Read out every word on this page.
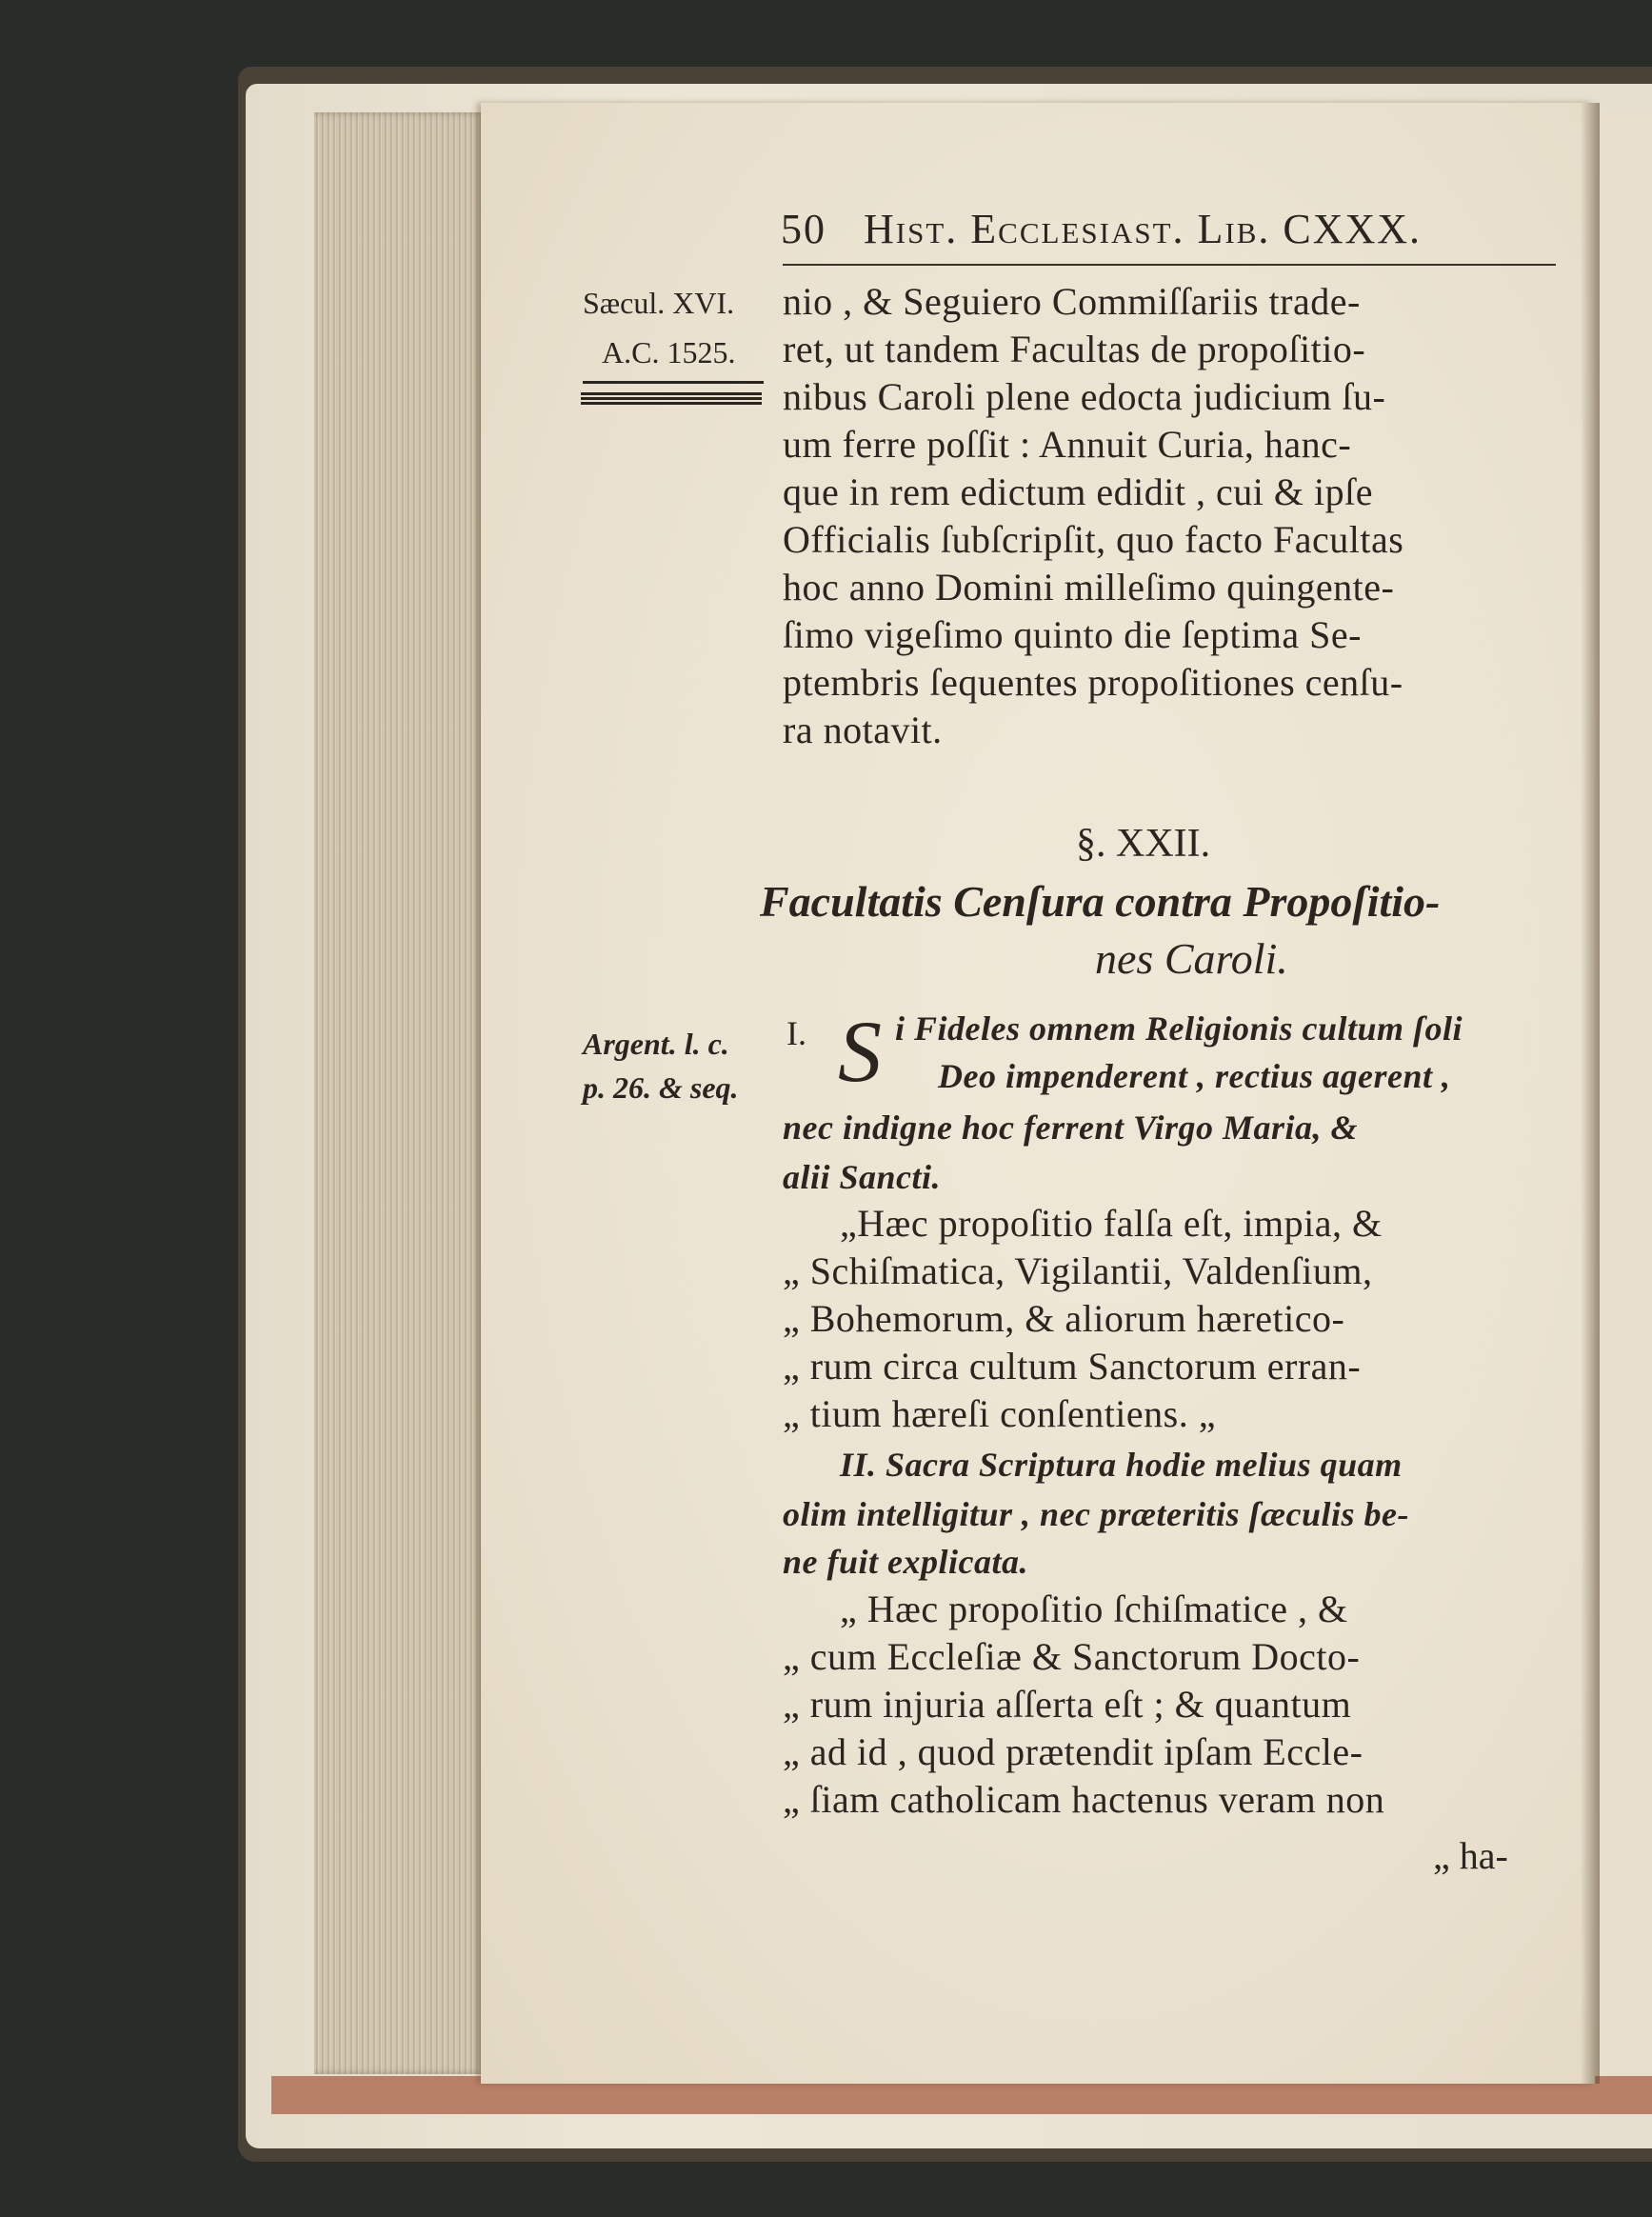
50 Hist. Ecclesiast. Lib. CXXX.
Sæcul. XVI.
A.C. 1525.
Argent. l. c.
p. 26. & seq.
nio , & Seguiero Commiſſariis trade-
ret, ut tandem Facultas de propoſitio-
nibus Caroli plene edocta judicium ſu-
um ferre poſſit : Annuit Curia, hanc-
que in rem edictum edidit , cui & ipſe
Officialis ſubſcripſit, quo facto Facultas
hoc anno Domini milleſimo quingente-
ſimo vigeſimo quinto die ſeptima Se-
ptembris ſequentes propoſitiones cenſu-
ra notavit.
§. XXII.
Facultatis Cenſura contra Propoſitio-
nes Caroli.
I. S i Fideles omnem Religionis cultum ſoli
Deo impenderent , rectius agerent ,
nec indigne hoc ferrent Virgo Maria, &
alii Sancti.
„Hæc propoſitio falſa eſt, impia, &
„ Schiſmatica, Vigilantii, Valdenſium,
„ Bohemorum, & aliorum hæretico-
„ rum circa cultum Sanctorum erran-
„ tium hæreſi conſentiens. „
II. Sacra Scriptura hodie melius quam
olim intelligitur , nec præteritis ſæculis be-
ne fuit explicata.
„ Hæc propoſitio ſchiſmatice , &
„ cum Eccleſiæ & Sanctorum Docto-
„ rum injuria aſſerta eſt ; & quantum
„ ad id , quod prætendit ipſam Eccle-
„ ſiam catholicam hactenus veram non
„ ha-
